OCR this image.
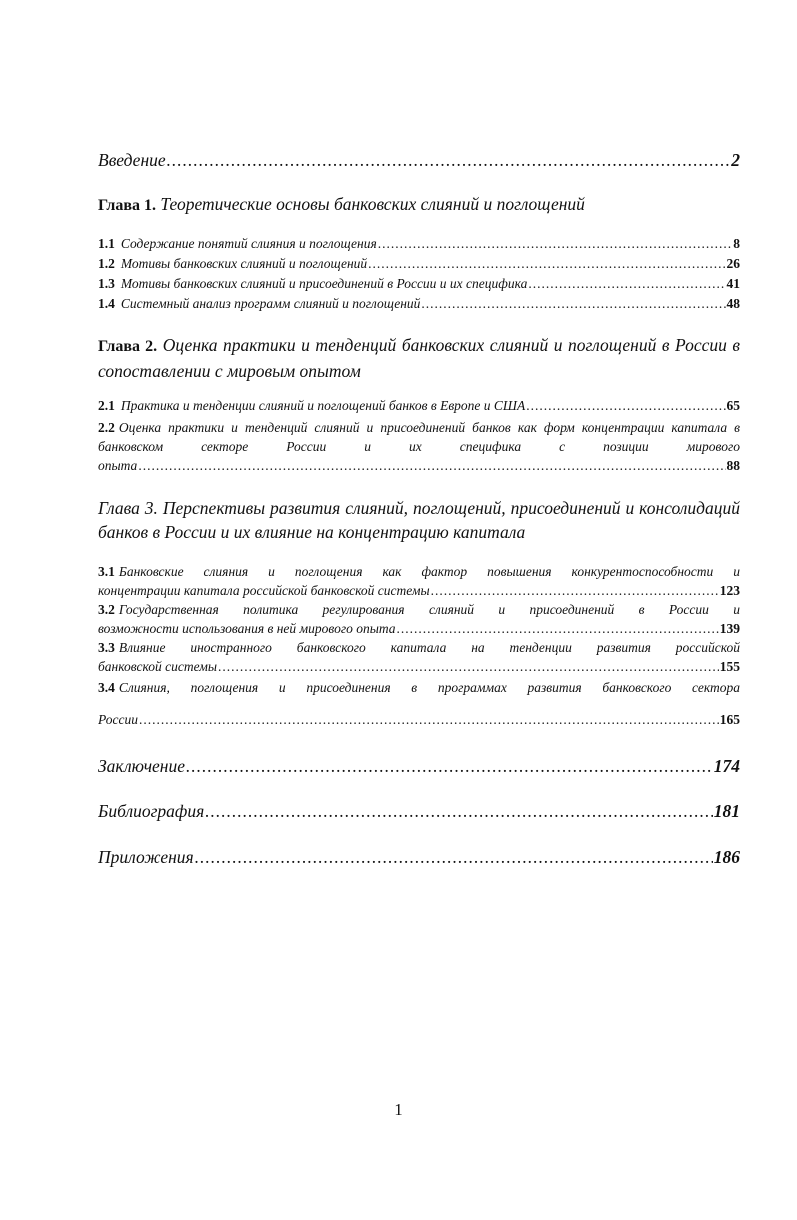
Введение .....	2
Глава 1. Теоретические основы банковских слияний и поглощений
1.1 Содержание понятий слияния и поглощения .....	8
1.2 Мотивы банковских слияний и поглощений .....	26
1.3 Мотивы банковских слияний и присоединений в России и их специфика .....	41
1.4 Системный анализ программ слияний и поглощений .....	48
Глава 2. Оценка практики и тенденций банковских слияний и поглощений в России в сопоставлении с мировым опытом
2.1 Практика и тенденции слияний и поглощений банков в Европе и США .....	65
2.2 Оценка практики и тенденций слияний и присоединений банков как форм концентрации капитала в банковском секторе России и их специфика с позиции мирового
опыта .....	88
Глава 3. Перспективы развития слияний, поглощений, присоединений и консолидаций банков в России и их влияние на концентрацию капитала
3.1 Банковские слияния и поглощения как фактор повышения конкурентоспособности и
концентрации капитала российской банковской системы .....	123
3.2 Государственная политика регулирования слияний и присоединений в России и
возможности использования в ней мирового опыта .....	139
3.3 Влияние иностранного банковского капитала на тенденции развития российской
банковской системы .....	155
3.4 Слияния, поглощения и присоединения в программах развития банковского сектора
России .....	165
Заключение .....	174
Библиография .....	181
Приложения .....	186
1
